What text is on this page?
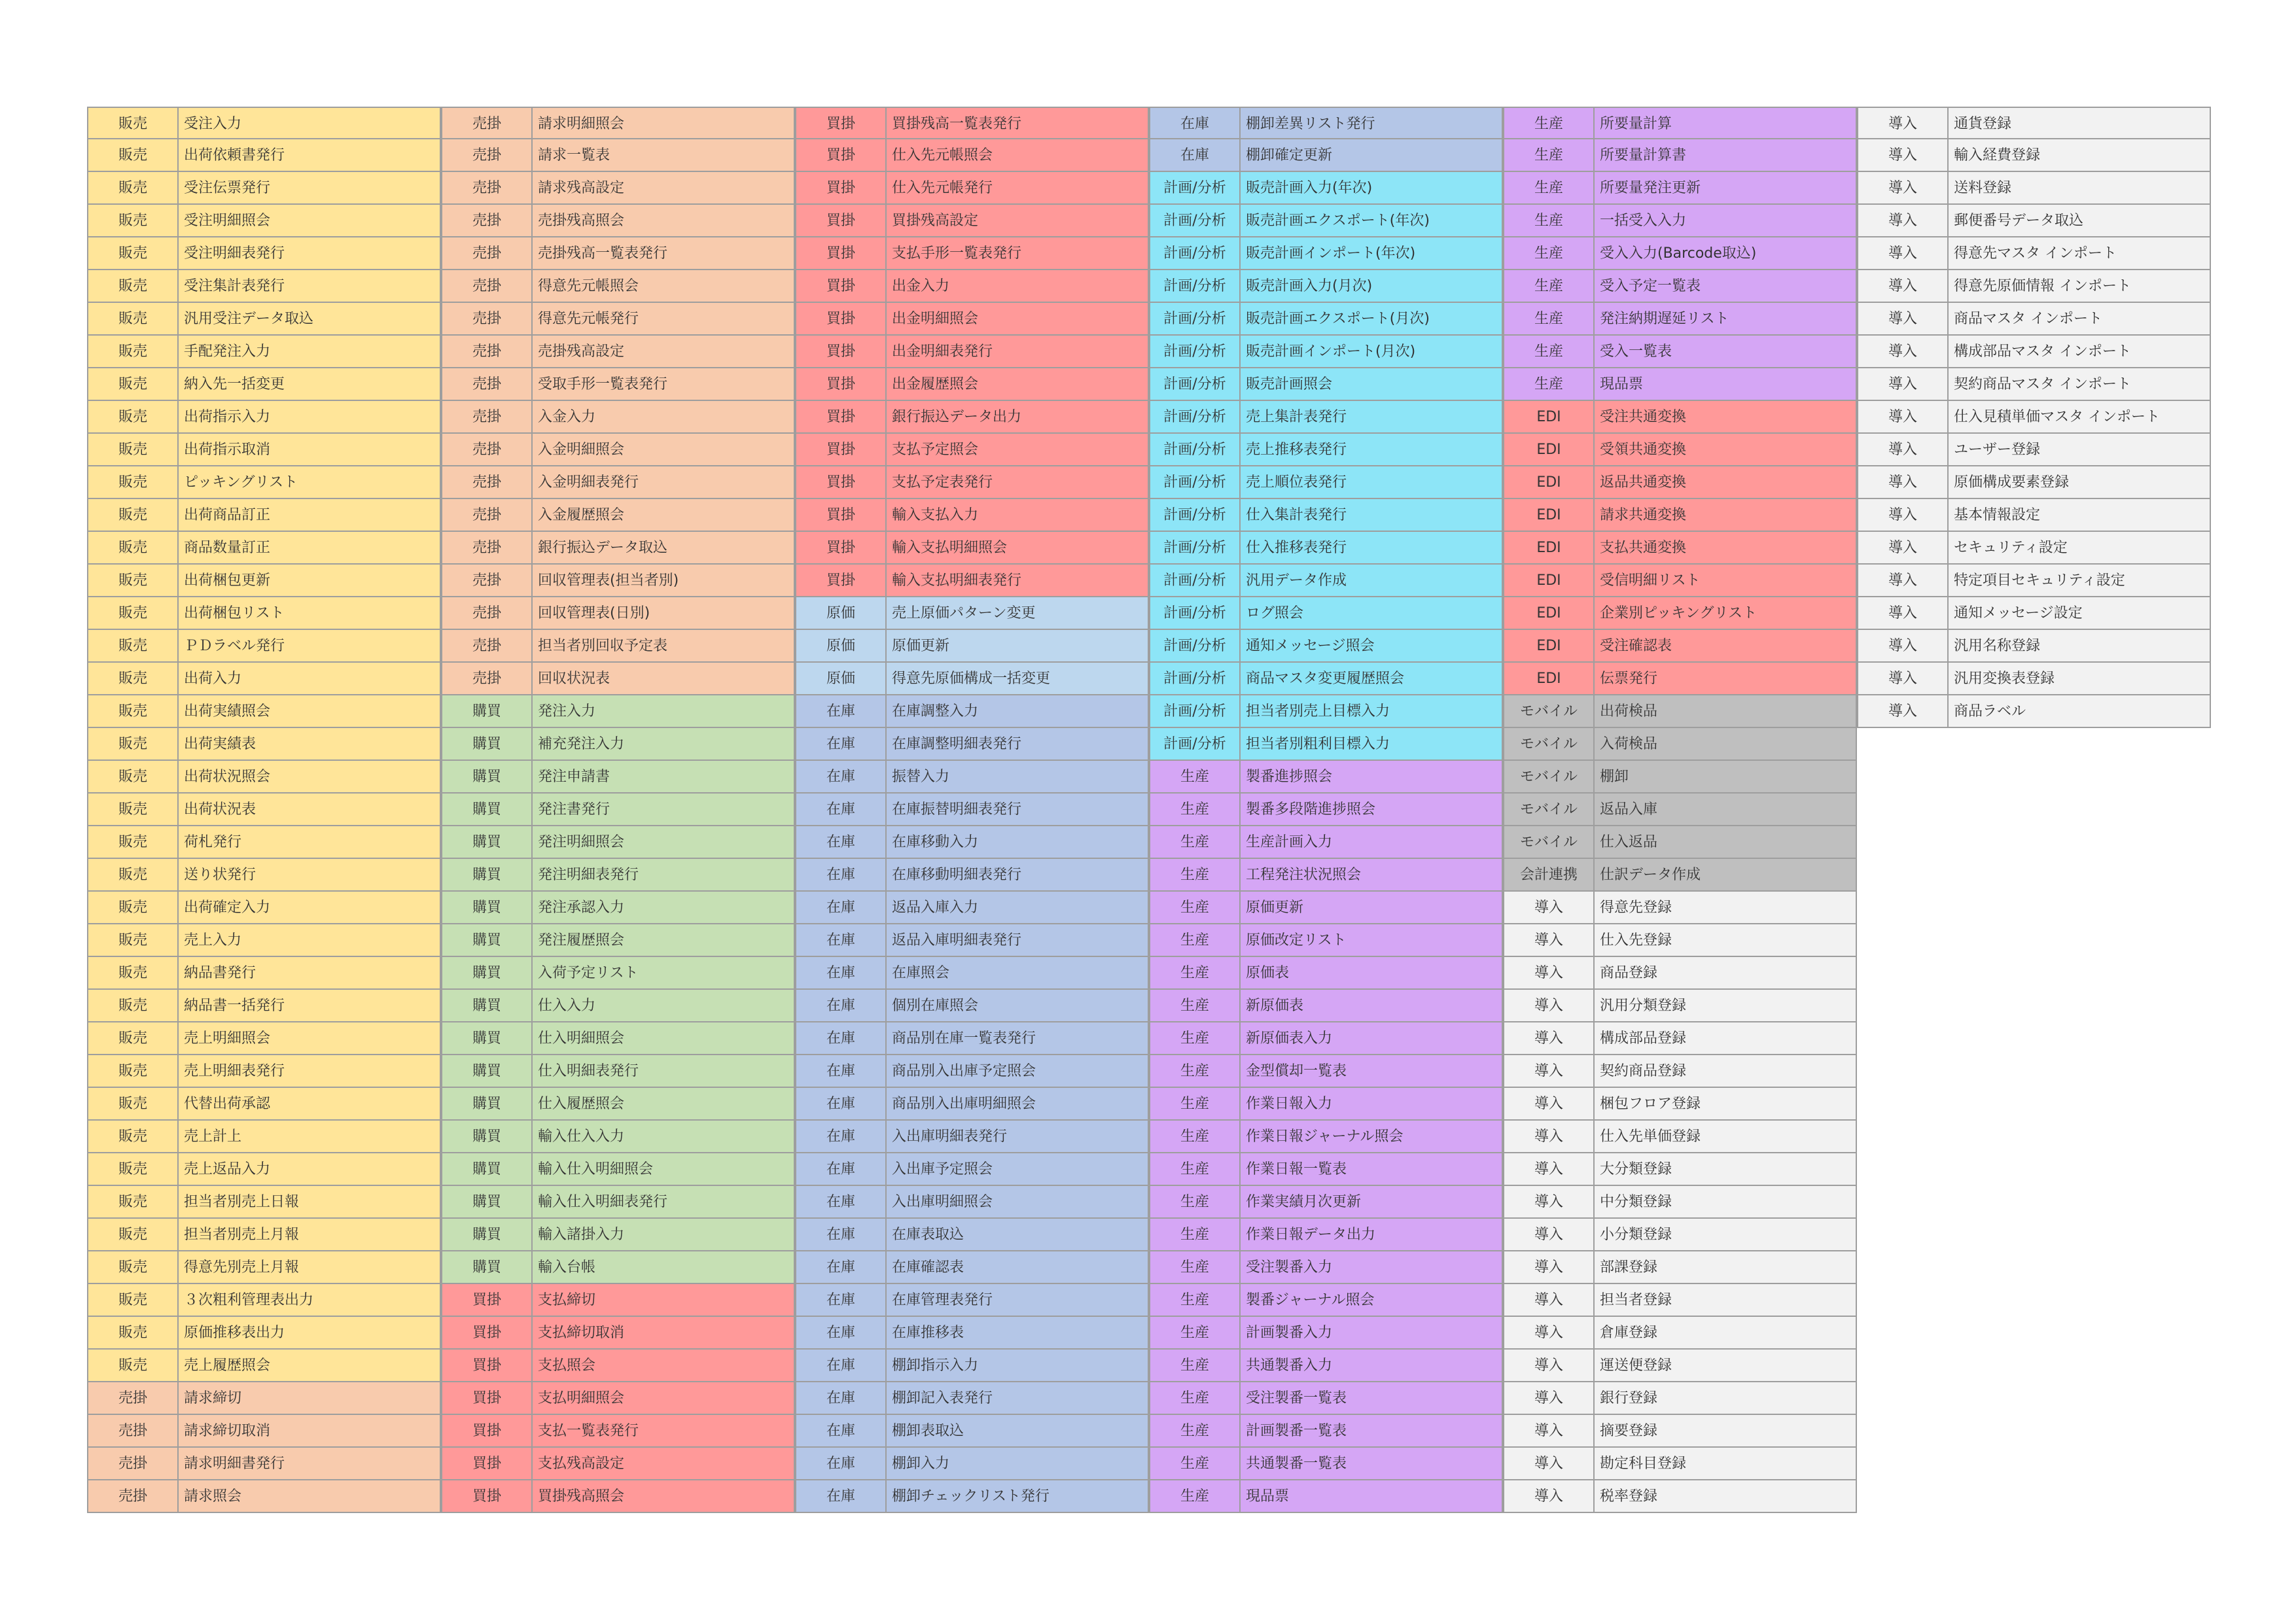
販売	受注入力
販売	出荷依頼書発行
販売	受注伝票発行
販売	受注明細照会
販売	受注明細表発行
販売	受注集計表発行
販売	汎用受注データ取込
販売	手配発注入力
販売	納入先一括変更
販売	出荷指示入力
販売	出荷指示取消
販売	ピッキングリスト
販売	出荷商品訂正
販売	商品数量訂正
販売	出荷梱包更新
販売	出荷梱包リスト
販売	ＰＤラベル発行
販売	出荷入力
販売	出荷実績照会
販売	出荷実績表
販売	出荷状況照会
販売	出荷状況表
販売	荷札発行
販売	送り状発行
販売	出荷確定入力
販売	売上入力
販売	納品書発行
販売	納品書一括発行
販売	売上明細照会
販売	売上明細表発行
販売	代替出荷承認
販売	売上計上
販売	売上返品入力
販売	担当者別売上日報
販売	担当者別売上月報
販売	得意先別売上月報
販売	３次粗利管理表出力
販売	原価推移表出力
販売	売上履歴照会
売掛	請求締切
売掛	請求締切取消
売掛	請求明細書発行
売掛	請求照会
売掛	請求明細照会
売掛	請求一覧表
売掛	請求残高設定
売掛	売掛残高照会
売掛	売掛残高一覧表発行
売掛	得意先元帳照会
売掛	得意先元帳発行
売掛	売掛残高設定
売掛	受取手形一覧表発行
売掛	入金入力
売掛	入金明細照会
売掛	入金明細表発行
売掛	入金履歴照会
売掛	銀行振込データ取込
売掛	回収管理表(担当者別)
売掛	回収管理表(日別)
売掛	担当者別回収予定表
売掛	回収状況表
購買	発注入力
購買	補充発注入力
購買	発注申請書
購買	発注書発行
購買	発注明細照会
購買	発注明細表発行
購買	発注承認入力
購買	発注履歴照会
購買	入荷予定リスト
購買	仕入入力
購買	仕入明細照会
購買	仕入明細表発行
購買	仕入履歴照会
購買	輸入仕入入力
購買	輸入仕入明細照会
購買	輸入仕入明細表発行
購買	輸入諸掛入力
購買	輸入台帳
買掛	支払締切
買掛	支払締切取消
買掛	支払照会
買掛	支払明細照会
買掛	支払一覧表発行
買掛	支払残高設定
買掛	買掛残高照会
買掛	買掛残高一覧表発行
買掛	仕入先元帳照会
買掛	仕入先元帳発行
買掛	買掛残高設定
買掛	支払手形一覧表発行
買掛	出金入力
買掛	出金明細照会
買掛	出金明細表発行
買掛	出金履歴照会
買掛	銀行振込データ出力
買掛	支払予定照会
買掛	支払予定表発行
買掛	輸入支払入力
買掛	輸入支払明細照会
買掛	輸入支払明細表発行
原価	売上原価パターン変更
原価	原価更新
原価	得意先原価構成一括変更
在庫	在庫調整入力
在庫	在庫調整明細表発行
在庫	振替入力
在庫	在庫振替明細表発行
在庫	在庫移動入力
在庫	在庫移動明細表発行
在庫	返品入庫入力
在庫	返品入庫明細表発行
在庫	在庫照会
在庫	個別在庫照会
在庫	商品別在庫一覧表発行
在庫	商品別入出庫予定照会
在庫	商品別入出庫明細照会
在庫	入出庫明細表発行
在庫	入出庫予定照会
在庫	入出庫明細照会
在庫	在庫表取込
在庫	在庫確認表
在庫	在庫管理表発行
在庫	在庫推移表
在庫	棚卸指示入力
在庫	棚卸記入表発行
在庫	棚卸表取込
在庫	棚卸入力
在庫	棚卸チェックリスト発行
在庫	棚卸差異リスト発行
在庫	棚卸確定更新
計画/分析	販売計画入力(年次)
計画/分析	販売計画エクスポート(年次)
計画/分析	販売計画インポート(年次)
計画/分析	販売計画入力(月次)
計画/分析	販売計画エクスポート(月次)
計画/分析	販売計画インポート(月次)
計画/分析	販売計画照会
計画/分析	売上集計表発行
計画/分析	売上推移表発行
計画/分析	売上順位表発行
計画/分析	仕入集計表発行
計画/分析	仕入推移表発行
計画/分析	汎用データ作成
計画/分析	ログ照会
計画/分析	通知メッセージ照会
計画/分析	商品マスタ変更履歴照会
計画/分析	担当者別売上目標入力
計画/分析	担当者別粗利目標入力
生産	製番進捗照会
生産	製番多段階進捗照会
生産	生産計画入力
生産	工程発注状況照会
生産	原価更新
生産	原価改定リスト
生産	原価表
生産	新原価表
生産	新原価表入力
生産	金型償却一覧表
生産	作業日報入力
生産	作業日報ジャーナル照会
生産	作業日報一覧表
生産	作業実績月次更新
生産	作業日報データ出力
生産	受注製番入力
生産	製番ジャーナル照会
生産	計画製番入力
生産	共通製番入力
生産	受注製番一覧表
生産	計画製番一覧表
生産	共通製番一覧表
生産	現品票
生産	所要量計算
生産	所要量計算書
生産	所要量発注更新
生産	一括受入入力
生産	受入入力(Barcode取込)
生産	受入予定一覧表
生産	発注納期遅延リスト
生産	受入一覧表
生産	現品票
EDI	受注共通変換
EDI	受領共通変換
EDI	返品共通変換
EDI	請求共通変換
EDI	支払共通変換
EDI	受信明細リスト
EDI	企業別ピッキングリスト
EDI	受注確認表
EDI	伝票発行
モバイル	出荷検品
モバイル	入荷検品
モバイル	棚卸
モバイル	返品入庫
モバイル	仕入返品
会計連携	仕訳データ作成
導入	得意先登録
導入	仕入先登録
導入	商品登録
導入	汎用分類登録
導入	構成部品登録
導入	契約商品登録
導入	梱包フロア登録
導入	仕入先単価登録
導入	大分類登録
導入	中分類登録
導入	小分類登録
導入	部課登録
導入	担当者登録
導入	倉庫登録
導入	運送便登録
導入	銀行登録
導入	摘要登録
導入	勘定科目登録
導入	税率登録
導入	通貨登録
導入	輸入経費登録
導入	送料登録
導入	郵便番号データ取込
導入	得意先マスタ インポート
導入	得意先原価情報 インポート
導入	商品マスタ インポート
導入	構成部品マスタ インポート
導入	契約商品マスタ インポート
導入	仕入見積単価マスタ インポート
導入	ユーザー登録
導入	原価構成要素登録
導入	基本情報設定
導入	セキュリティ設定
導入	特定項目セキュリティ設定
導入	通知メッセージ設定
導入	汎用名称登録
導入	汎用変換表登録
導入	商品ラベル
